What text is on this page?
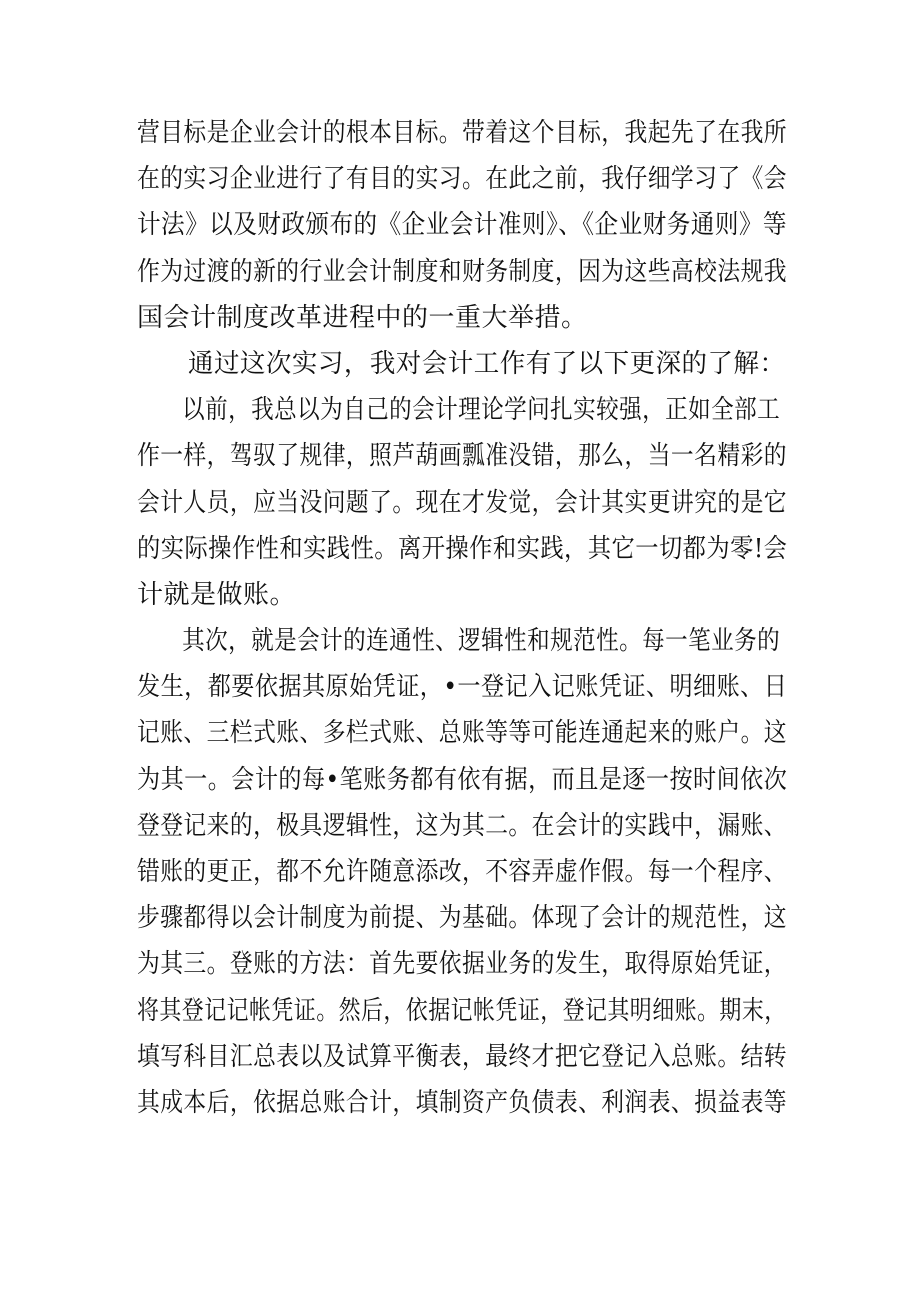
营目标是企业会计的根本目标。带着这个目标，我起先了在我所
在的实习企业进行了有目的实习。在此之前，我仔细学习了《会
计法》以及财政颁布的《企业会计准则》、《企业财务通则》等
作为过渡的新的行业会计制度和财务制度，因为这些高校法规我
国会计制度改革进程中的一重大举措。
通过这次实习，我对会计工作有了以下更深的了解：
以前，我总以为自己的会计理论学问扎实较强，正如全部工
作一样，驾驭了规律，照芦葫画瓢准没错，那么，当一名精彩的
会计人员，应当没问题了。现在才发觉，会计其实更讲究的是它
的实际操作性和实践性。离开操作和实践，其它一切都为零!会
计就是做账。
其次，就是会计的连通性、逻辑性和规范性。每一笔业务的
发生，都要依据其原始凭证，•一登记入记账凭证、明细账、日
记账、三栏式账、多栏式账、总账等等可能连通起来的账户。这
为其一。会计的每•笔账务都有依有据，而且是逐一按时间依次
登登记来的，极具逻辑性，这为其二。在会计的实践中，漏账、
错账的更正，都不允许随意添改，不容弄虚作假。每一个程序、
步骤都得以会计制度为前提、为基础。体现了会计的规范性，这
为其三。登账的方法：首先要依据业务的发生，取得原始凭证，
将其登记记帐凭证。然后，依据记帐凭证，登记其明细账。期末，
填写科目汇总表以及试算平衡表，最终才把它登记入总账。结转
其成本后，依据总账合计，填制资产负债表、利润表、损益表等
